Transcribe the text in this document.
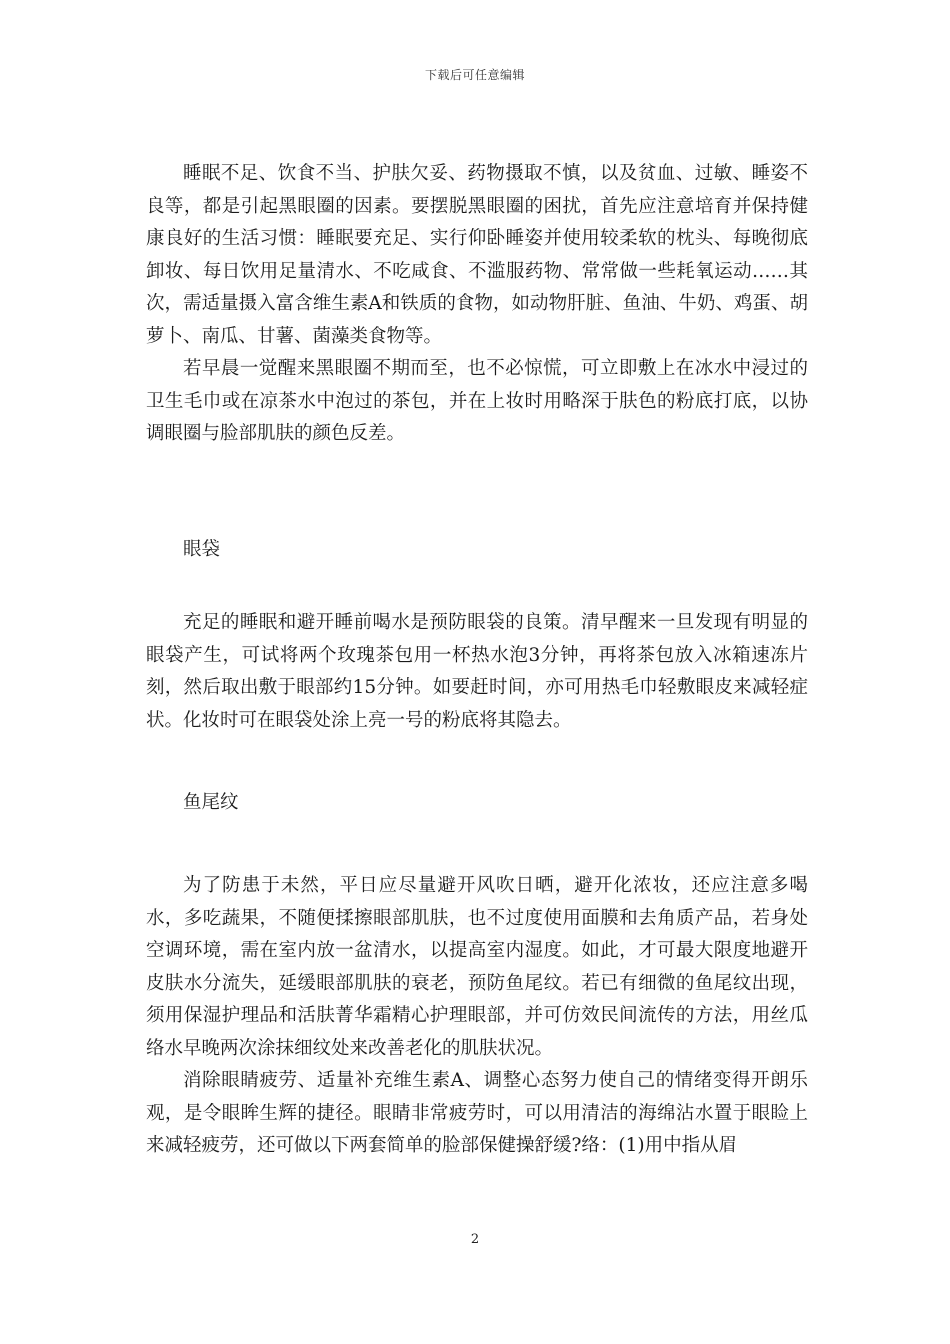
下载后可任意编辑

睡眠不足、饮食不当、护肤欠妥、药物摄取不慎，以及贫血、过敏、睡姿不良等，都是引起黑眼圈的因素。要摆脱黑眼圈的困扰，首先应注意培育并保持健康良好的生活习惯：睡眠要充足、实行仰卧睡姿并使用较柔软的枕头、每晚彻底卸妆、每日饮用足量清水、不吃咸食、不滥服药物、常常做一些耗氧运动……其次，需适量摄入富含维生素A和铁质的食物，如动物肝脏、鱼油、牛奶、鸡蛋、胡萝卜、南瓜、甘薯、菌藻类食物等。

若早晨一觉醒来黑眼圈不期而至，也不必惊慌，可立即敷上在冰水中浸过的卫生毛巾或在凉茶水中泡过的茶包，并在上妆时用略深于肤色的粉底打底，以协调眼圈与脸部肌肤的颜色反差。

眼袋

充足的睡眠和避开睡前喝水是预防眼袋的良策。清早醒来一旦发现有明显的眼袋产生，可试将两个玫瑰茶包用一杯热水泡3分钟，再将茶包放入冰箱速冻片刻，然后取出敷于眼部约15分钟。如要赶时间，亦可用热毛巾轻敷眼皮来减轻症状。化妆时可在眼袋处涂上亮一号的粉底将其隐去。

鱼尾纹

为了防患于未然，平日应尽量避开风吹日晒，避开化浓妆，还应注意多喝水，多吃蔬果，不随便揉擦眼部肌肤，也不过度使用面膜和去角质产品，若身处空调环境，需在室内放一盆清水，以提高室内湿度。如此，才可最大限度地避开皮肤水分流失，延缓眼部肌肤的衰老，预防鱼尾纹。若已有细微的鱼尾纹出现，须用保湿护理品和活肤菁华霜精心护理眼部，并可仿效民间流传的方法，用丝瓜络水早晚两次涂抹细纹处来改善老化的肌肤状况。

消除眼睛疲劳、适量补充维生素A、调整心态努力使自己的情绪变得开朗乐观，是令眼眸生辉的捷径。眼睛非常疲劳时，可以用清洁的海绵沾水置于眼睑上来减轻疲劳，还可做以下两套简单的脸部保健操舒缓?络：(1)用中指从眉

2
